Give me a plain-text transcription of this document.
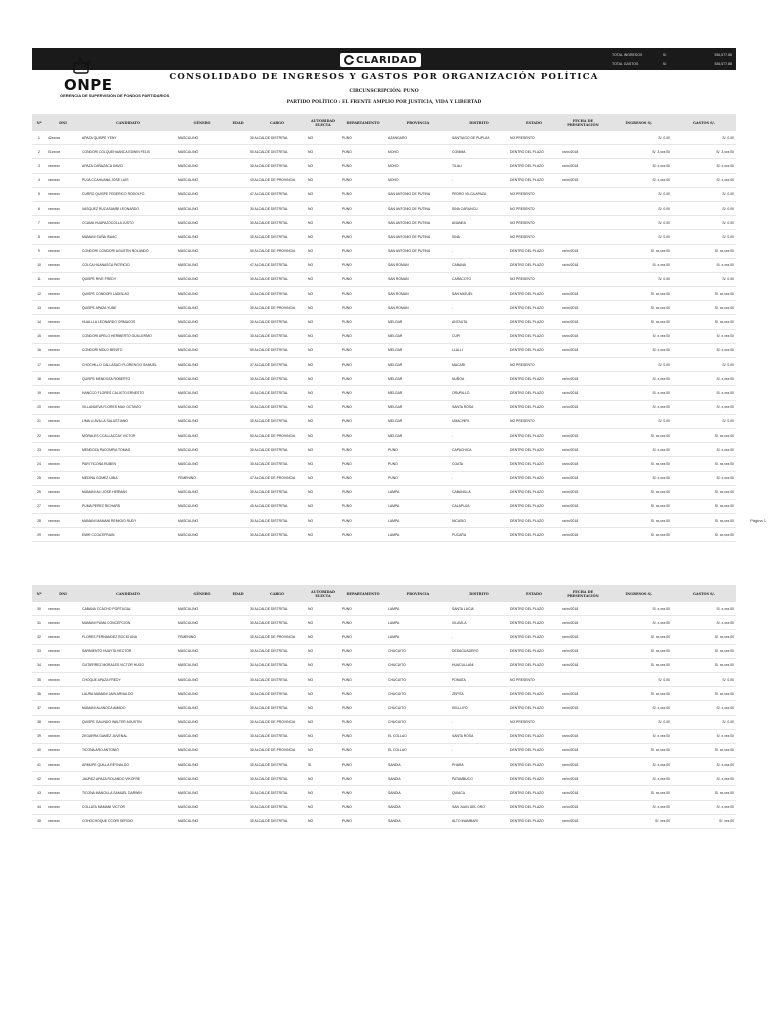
ONPE
GERENCIA DE SUPERVISIÓN DE FONDOS PARTIDARIOS
CLARIDAD	TOTAL INGRESOS	S/.	536,577.88
TOTAL GASTOS	S/.	536,577.88
CONSOLIDADO DE INGRESOS Y GASTOS POR ORGANIZACIÓN POLÍTICA
CIRCUNSCRIPCIÓN: PUNO
PARTIDO POLÍTICO : EL FRENTE AMPLIO POR JUSTICIA, VIDA Y LIBERTAD
Nº	DNI	CANDIDATO	GÉNERO	EDAD	CARGO	AUTORIDAD ELECTA	DEPARTAMENTO	PROVINCIA	DISTRITO	ESTADO	FECHA DE PRESENTACIÓN	INGRESOS S/.	GASTOS S/.
1	42xxxxx	APAZA QUISPE YENY	MASCULINO		30 ALCALDE DISTRITAL	NO	PUNO	AZANGARO	SANTIAGO DE PUPUJA	NO PRESENTO		S/. 0.00	S/. 0.00
2	01xxxxx	CONDORI COLQUEHUANCA EDWIN FELIX	MASCULINO		50 ALCALDE DISTRITAL	NO	PUNO	MOHO	CONIMA	DENTRO DEL PLAZO	xx/xx/2018	S/. 3,xxx.00	S/. 3,xxx.00
3	xxxxxxx	APAZA CAÑAZACA DAVID	MASCULINO		30 ALCALDE DISTRITAL	NO	PUNO	MOHO	TILALI	DENTRO DEL PLAZO	xx/xx/2018	S/. x,xxx.00	S/. x,xxx.00
4	xxxxxxx	PUJA CCAHUANA JOSE LUIS	MASCULINO		40 ALCALDE DE PROVINCIA	NO	PUNO	MOHO	-	DENTRO DEL PLAZO	xx/xx/2018	S/. x,xxx.00	S/. x,xxx.00
5	xxxxxxx	CURRO QUISPE FEDERICO RODOLFO	MASCULINO		47 ALCALDE DISTRITAL	NO	PUNO	SAN ANTONIO DE PUTINA	PEDRO VILCA APAZA	NO PRESENTO		S/. 0.00	S/. 0.00
6	xxxxxxx	VASQUEZ RUCASAMBI LEONARDO	MASCULINO		30 ALCALDE DISTRITAL	NO	PUNO	SAN ANTONIO DE PUTINA	SINA CARUNCU	NO PRESENTO		S/. 0.00	S/. 0.00
7	xxxxxxx	CCAMA HUAPAJOCOLLA JUSTO	MASCULINO		30 ALCALDE DISTRITAL	NO	PUNO	SAN ANTONIO DE PUTINA	ANANEA	NO PRESENTO		S/. 0.00	S/. 0.00
8	xxxxxxx	MAMANI SUÑA ISAAC	MASCULINO		30 ALCALDE DISTRITAL	NO	PUNO	SAN ANTONIO DE PUTINA	SINA	NO PRESENTO		S/. 0.00	S/. 0.00
9	xxxxxxx	CONDORI CONDORI AGUSTIN ROLANDO	MASCULINO		50 ALCALDE DE PROVINCIA	NO	PUNO	SAN ANTONIO DE PUTINA	-	DENTRO DEL PLAZO	xx/xx/2018	S/. xx,xxx.00	S/. xx,xxx.00
10	xxxxxxx	COLCA HUANASCA PATRICIO	MASCULINO		47 ALCALDE DISTRITAL	NO	PUNO	SAN ROMAN	CABANA	DENTRO DEL PLAZO	xx/xx/2018	S/. x,xxx.00	S/. x,xxx.00
11	xxxxxxx	QUISPE RIVE FREDY	MASCULINO		30 ALCALDE DISTRITAL	NO	PUNO	SAN ROMAN	CARACOTO	NO PRESENTO		S/. 0.00	S/. 0.00
12	xxxxxxx	QUISPE CONDORI LADISLAO	MASCULINO		40 ALCALDE DISTRITAL	NO	PUNO	SAN ROMAN	SAN MIGUEL	DENTRO DEL PLAZO	xx/xx/2018	S/. xx,xxx.00	S/. xx,xxx.00
13	xxxxxxx	QUISPE APAZA YUNE	MASCULINO		30 ALCALDE DE PROVINCIA	NO	PUNO	SAN ROMAN	-	DENTRO DEL PLAZO	xx/xx/2018	S/. xx,xxx.00	S/. xx,xxx.00
14	xxxxxxx	HUALLLA LEONARDO ORMACOS	MASCULINO		30 ALCALDE DISTRITAL	NO	PUNO	MELGAR	ANTAUTA	DENTRO DEL PLAZO	xx/xx/2018	S/. xx,xxx.00	S/. xx,xxx.00
15	xxxxxxx	CONDORI APELO HERIBERTO GUILLERMO	MASCULINO		30 ALCALDE DISTRITAL	NO	PUNO	MELGAR	CUPI	DENTRO DEL PLAZO	xx/xx/2018	S/. x,xxx.00	S/. x,xxx.00
16	xxxxxxx	CONDORI MOLO BENITO	MASCULINO		50 ALCALDE DISTRITAL	NO	PUNO	MELGAR	LLALLI	DENTRO DEL PLAZO	xx/xx/2018	S/. x,xxx.00	S/. x,xxx.00
17	xxxxxxx	CHOCHILLO CALLASACI FLORENCIO SAMUEL	MASCULINO		37 ALCALDE DISTRITAL	NO	PUNO	MELGAR	MACARI	NO PRESENTO		S/. 0.00	S/. 0.00
18	xxxxxxx	QUISPE MENDOZA ROBERTO	MASCULINO		30 ALCALDE DISTRITAL	NO	PUNO	MELGAR	NUÑOA	DENTRO DEL PLAZO	xx/xx/2018	S/. x,xxx.00	S/. x,xxx.00
19	xxxxxxx	HANCCO FLORES CALIXTO ERNESTO	MASCULINO		40 ALCALDE DISTRITAL	NO	PUNO	MELGAR	ORURILLO	DENTRO DEL PLAZO	xx/xx/2018	S/. x,xxx.00	S/. x,xxx.00
20	xxxxxxx	VILLANUEVA FLORES MAX OCTAVIO	MASCULINO		30 ALCALDE DISTRITAL	NO	PUNO	MELGAR	SANTA ROSA	DENTRO DEL PLAZO	xx/xx/2018	S/. x,xxx.00	S/. x,xxx.00
21	xxxxxxx	LIMA LLAVILLA SALUSTIANO	MASCULINO		30 ALCALDE DISTRITAL	NO	PUNO	MELGAR	UMACHIRI	NO PRESENTO		S/. 0.00	S/. 0.00
22	xxxxxxx	MORALES CCALLACCAY VICTOR	MASCULINO		50 ALCALDE DE PROVINCIA	NO	PUNO	MELGAR	-	DENTRO DEL PLAZO	xx/xx/2018	S/. xx,xxx.00	S/. xx,xxx.00
23	xxxxxxx	MENDOZA PACOMPIA TOMAS	MASCULINO		30 ALCALDE DISTRITAL	NO	PUNO	PUNO	CAPACHICA	DENTRO DEL PLAZO	xx/xx/2018	S/. x,xxx.00	S/. x,xxx.00
24	xxxxxxx	PARI TICONA RUBEN	MASCULINO		30 ALCALDE DISTRITAL	NO	PUNO	PUNO	COATA	DENTRO DEL PLAZO	xx/xx/2018	S/. xx,xxx.00	S/. xx,xxx.00
25	xxxxxxx	MEDINA GOMEZ LIBIA	FEMENINO		47 ALCALDE DE PROVINCIA	NO	PUNO	PUNO	-	DENTRO DEL PLAZO	xx/xx/2018	S/. x,xxx.00	S/. x,xxx.00
26	xxxxxxx	MAMANI ALI JOSE HERMAN	MASCULINO		30 ALCALDE DISTRITAL	NO	PUNO	LAMPA	CABANILLA	DENTRO DEL PLAZO	xx/xx/2018	S/. xx,xxx.00	S/. xx,xxx.00
27	xxxxxxx	PUMA PEREZ RICHARD	MASCULINO		40 ALCALDE DISTRITAL	NO	PUNO	LAMPA	CALAPUJA	DENTRO DEL PLAZO	xx/xx/2018	S/. xx,xxx.00	S/. xx,xxx.00
28	xxxxxxx	MAMANI MAMANI REMIGIO RUDY	MASCULINO		30 ALCALDE DISTRITAL	NO	PUNO	LAMPA	NICASIO	DENTRO DEL PLAZO	xx/xx/2018	S/. xx,xxx.00	S/. xx,xxx.00
29	xxxxxxx	EMIR CCOA EFRAIN	MASCULINO		30 ALCALDE DISTRITAL	NO	PUNO	LAMPA	PUCARA	DENTRO DEL PLAZO	xx/xx/2018	S/. xx,xxx.00	S/. xx,xxx.00
Página 1
Nº	DNI	CANDIDATO	GÉNERO	EDAD	CARGO	AUTORIDAD ELECTA	DEPARTAMENTO	PROVINCIA	DISTRITO	ESTADO	FECHA DE PRESENTACIÓN	INGRESOS S/.	GASTOS S/.
30	xxxxxxx	CABANA CCACHO PORTUGAL	MASCULINO		30 ALCALDE DISTRITAL	NO	PUNO	LAMPA	SANTA LUCIA	DENTRO DEL PLAZO	xx/xx/2018	S/. x,xxx.00	S/. x,xxx.00
31	xxxxxxx	MAMANI PUMA CONCEPCION	MASCULINO		30 ALCALDE DISTRITAL	NO	PUNO	LAMPA	VILAVILA	DENTRO DEL PLAZO	xx/xx/2018	S/. x,xxx.00	S/. x,xxx.00
32	xxxxxxx	FLORES FERNANDEZ ROCIO ANA	FEMENINO		30 ALCALDE DE PROVINCIA	NO	PUNO	LAMPA	-	DENTRO DEL PLAZO	xx/xx/2018	S/. xx,xxx.00	S/. xx,xxx.00
33	xxxxxxx	SARMIENTO HUAYTA HECTOR	MASCULINO		30 ALCALDE DISTRITAL	NO	PUNO	CHUCUITO	DESAGUADERO	DENTRO DEL PLAZO	xx/xx/2018	S/. xx,xxx.00	S/. xx,xxx.00
34	xxxxxxx	GUTIERREZ MORALES VICTOR HUGO	MASCULINO		30 ALCALDE DISTRITAL	NO	PUNO	CHUCUITO	HUACULLANI	DENTRO DEL PLAZO	xx/xx/2018	S/. xx,xxx.00	S/. xx,xxx.00
35	xxxxxxx	CHOQUE APAZA FREDY	MASCULINO		30 ALCALDE DISTRITAL	NO	PUNO	CHUCUITO	POMATA	NO PRESENTO		S/. 0.00	S/. 0.00
36	xxxxxxx	LAURA MAMANI JAIN ARNALDO	MASCULINO		30 ALCALDE DISTRITAL	NO	PUNO	CHUCUITO	ZEPITA	DENTRO DEL PLAZO	xx/xx/2018	S/. xx,xxx.00	S/. xx,xxx.00
37	xxxxxxx	MAMANI ALANOCA AMADO	MASCULINO		30 ALCALDE DISTRITAL	NO	PUNO	CHUCUITO	KELLUYO	DENTRO DEL PLAZO	xx/xx/2018	S/. x,xxx.00	S/. x,xxx.00
38	xxxxxxx	QUISPE GALINDO WALTER AGUSTIN	MASCULINO		30 ALCALDE DE PROVINCIA	NO	PUNO	CHUCUITO	-	NO PRESENTO		S/. 0.00	S/. 0.00
39	xxxxxxx	ZEGARRA GAMEZ JUVENAL	MASCULINO		30 ALCALDE DISTRITAL	NO	PUNO	EL COLLAO	SANTA ROSA	DENTRO DEL PLAZO	xx/xx/2018	S/. x,xxx.00	S/. x,xxx.00
40	xxxxxxx	TICONA ARO ANTONIO	MASCULINO		30 ALCALDE DE PROVINCIA	NO	PUNO	EL COLLAO	-	DENTRO DEL PLAZO	xx/xx/2018	S/. xx,xxx.00	S/. xx,xxx.00
41	xxxxxxx	ARMUPE QUILLA REYNALDO	MASCULINO		30 ALCALDE DISTRITAL	SI	PUNO	SANDIA	PHARA	DENTRO DEL PLAZO	xx/xx/2018	S/. x,xxx.00	S/. x,xxx.00
42	xxxxxxx	JAUREZ APAZA ROLANDO VIKOFRE	MASCULINO		30 ALCALDE DISTRITAL	NO	PUNO	SANDIA	PATAMBUCO	DENTRO DEL PLAZO	xx/xx/2018	S/. x,xxx.00	S/. x,xxx.00
43	xxxxxxx	TICONA MANCILLA SAMUEL DARWIN	MASCULINO		30 ALCALDE DISTRITAL	NO	PUNO	SANDIA	QUIACA	DENTRO DEL PLAZO	xx/xx/2018	S/. xx,xxx.00	S/. xx,xxx.00
44	xxxxxxx	COLLATA MAMANI VICTOR	MASCULINO		30 ALCALDE DISTRITAL	NO	PUNO	SANDIA	SAN JUAN DEL ORO	DENTRO DEL PLAZO	xx/xx/2018	S/. x,xxx.00	S/. x,xxx.00
45	xxxxxxx	COHOCHOQUE CCORI SERGIO	MASCULINO		30 ALCALDE DISTRITAL	NO	PUNO	SANDIA	ALTO INAMBARI	DENTRO DEL PLAZO	xx/xx/2018	S/. xxx.00	S/. xxx.00
